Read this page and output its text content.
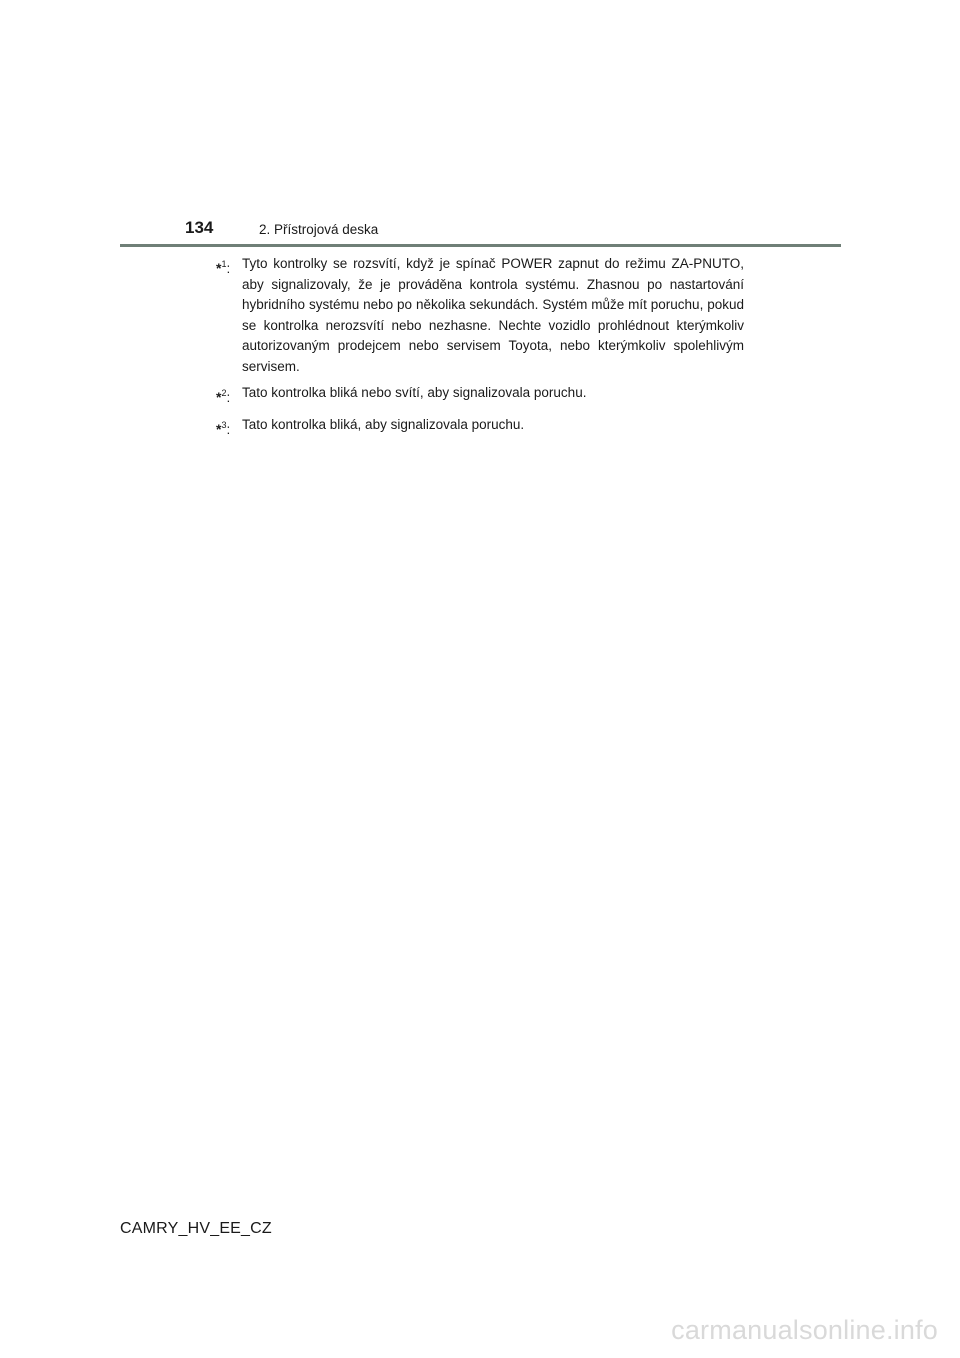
134	2. Přístrojová deska
*$^1$: Tyto kontrolky se rozsvítí, když je spínač POWER zapnut do režimu ZA-PNUTO, aby signalizovaly, že je prováděna kontrola systému. Zhasnou po nastartování hybridního systému nebo po několika sekundách. Systém může mít poruchu, pokud se kontrolka nerozsvítí nebo nezhasne. Nechte vozidlo prohlédnout kterýmkoliv autorizovaným prodejcem nebo servisem Toyota, nebo kterýmkoliv spolehlivým servisem.
*$^2$: Tato kontrolka bliká nebo svítí, aby signalizovala poruchu.
*$^3$: Tato kontrolka bliká, aby signalizovala poruchu.
CAMRY_HV_EE_CZ
carmanualsonline.info
